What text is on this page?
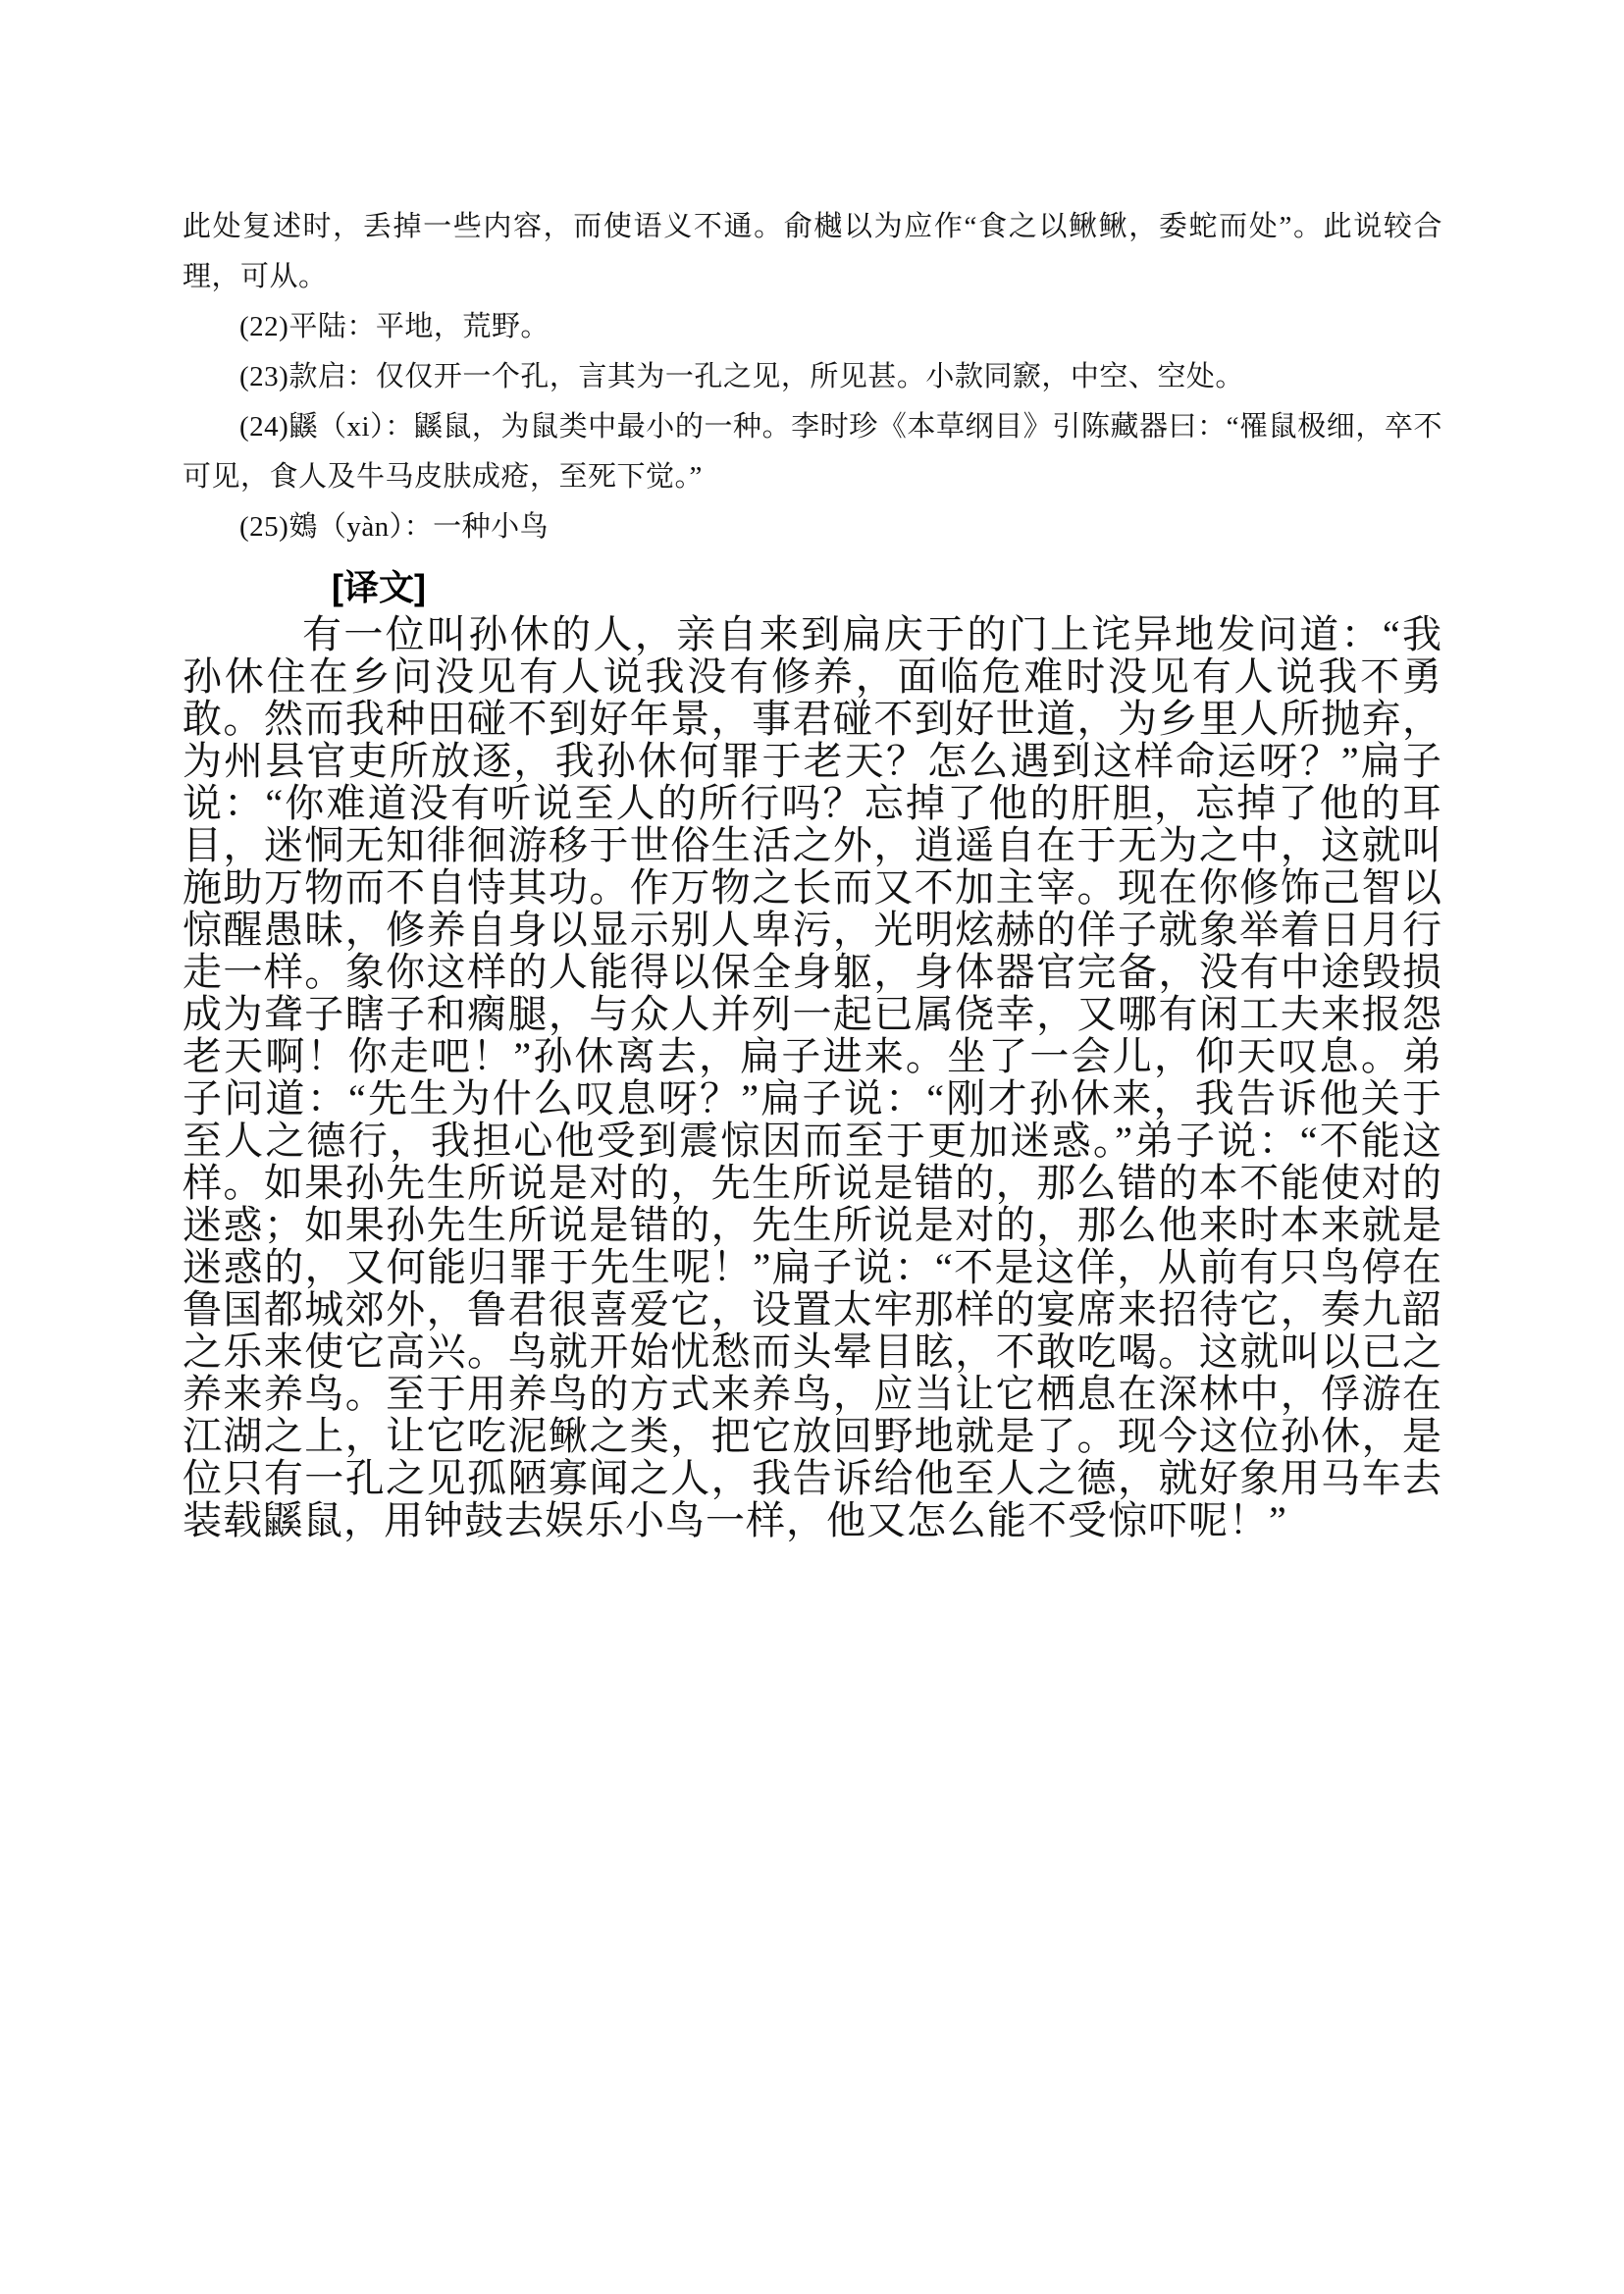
此处复述时，丢掉一些内容，而使语义不通。俞樾以为应作“食之以鳅鳅，委蛇而处”。此说较合理，可从。

(22)平陆：平地，荒野。

(23)款启：仅仅开一个孔，言其为一孔之见，所见甚。小款同窾，中空、空处。

(24)鼷（xi）：鼷鼠，为鼠类中最小的一种。李时珍《本草纲目》引陈藏器曰：“罹鼠极细，卒不可见，食人及牛马皮肤成疮，至死下觉。”

(25)鴳（yàn）：一种小鸟

[译文]

有一位叫孙休的人，亲自来到扁庆于的门上诧异地发问道：“我孙休住在乡问没见有人说我没有修养，面临危难时没见有人说我不勇敢。然而我种田碰不到好年景，事君碰不到好世道，为乡里人所抛弃，为州县官吏所放逐，我孙休何罪于老天？怎么遇到这样命运呀？”扁子说：“你难道没有听说至人的所行吗？忘掉了他的肝胆，忘掉了他的耳目，迷恫无知徘徊游移于世俗生活之外，逍遥自在于无为之中，这就叫施助万物而不自恃其功。作万物之长而又不加主宰。现在你修饰己智以惊醒愚昧，修养自身以显示别人卑污，光明炫赫的佯子就象举着日月行走一样。象你这样的人能得以保全身躯，身体器官完备，没有中途毁损成为聋子瞎子和瘸腿，与众人并列一起已属侥幸，又哪有闲工夫来报怨老天啊！你走吧！”孙休离去，扁子进来。坐了一会儿，仰天叹息。弟子问道：“先生为什么叹息呀？”扁子说：“刚才孙休来，我告诉他关于至人之德行，我担心他受到震惊因而至于更加迷惑。”弟子说：“不能这样。如果孙先生所说是对的，先生所说是错的，那么错的本不能使对的迷惑；如果孙先生所说是错的，先生所说是对的，那么他来时本来就是迷惑的，又何能归罪于先生呢！”扁子说：“不是这佯，从前有只鸟停在鲁国都城郊外，鲁君很喜爱它，设置太牢那样的宴席来招待它，奏九韶之乐来使它高兴。鸟就开始忧愁而头晕目眩，不敢吃喝。这就叫以已之养来养鸟。至于用养鸟的方式来养鸟，应当让它栖息在深林中，俘游在江湖之上，让它吃泥鳅之类，把它放回野地就是了。现今这位孙休，是位只有一孔之见孤陋寡闻之人，我告诉给他至人之德，就好象用马车去装载鼷鼠，用钟鼓去娱乐小鸟一样，他又怎么能不受惊吓呢！”
